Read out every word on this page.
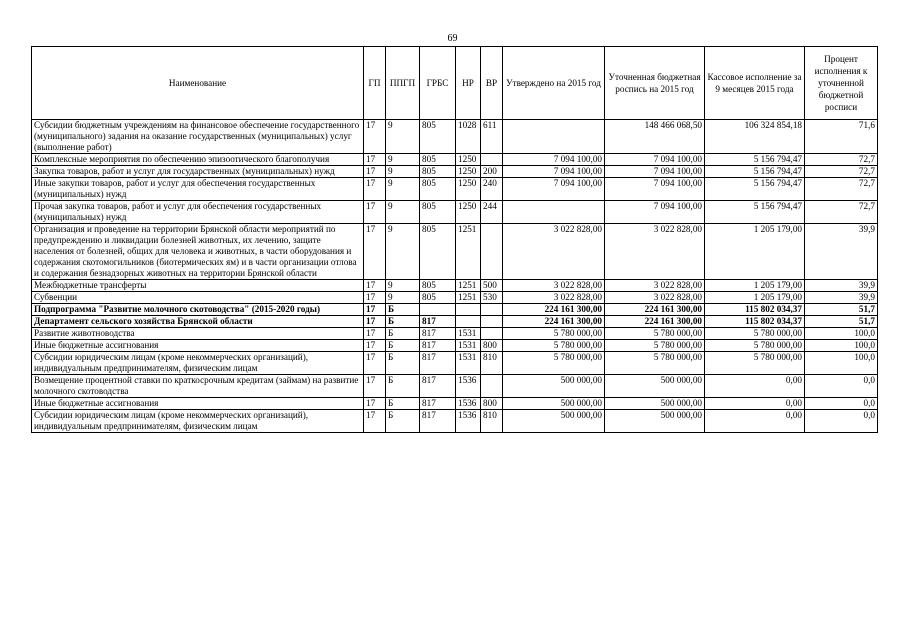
69
Наименование	ГП	ППГП	ГРБС	НР	ВР	Утверждено на 2015 год	Уточненная бюджетная роспись на 2015 год	Кассовое исполнение за 9 месяцев 2015 года	Процент исполнения к уточненной бюджетной росписи
Субсидии бюджетным учреждениям на финансовое обеспечение государственного (муниципального) задания на оказание государственных (муниципальных) услуг (выполнение работ)	17	9	805	1028	611		148 466 068,50	106 324 854,18	71,6
Комплексные мероприятия по обеспечению эпизоотического благополучия	17	9	805	1250		7 094 100,00	7 094 100,00	5 156 794,47	72,7
Закупка товаров, работ и услуг для государственных (муниципальных) нужд	17	9	805	1250	200	7 094 100,00	7 094 100,00	5 156 794,47	72,7
Иные закупки товаров, работ и услуг для обеспечения государственных (муниципальных) нужд	17	9	805	1250	240	7 094 100,00	7 094 100,00	5 156 794,47	72,7
Прочая закупка товаров, работ и услуг для обеспечения государственных (муниципальных) нужд	17	9	805	1250	244		7 094 100,00	5 156 794,47	72,7
Организация и проведение на территории Брянской области мероприятий по предупреждению и ликвидации болезней животных, их лечению, защите населения от болезней, общих для человека и животных, в части оборудования и содержания скотомогильников (биотермических ям) и в части организации отлова и содержания безнадзорных животных на территории Брянской области	17	9	805	1251		3 022 828,00	3 022 828,00	1 205 179,00	39,9
Межбюджетные трансферты	17	9	805	1251	500	3 022 828,00	3 022 828,00	1 205 179,00	39,9
Субвенции	17	9	805	1251	530	3 022 828,00	3 022 828,00	1 205 179,00	39,9
Подпрограмма "Развитие молочного скотоводства" (2015-2020 годы)	17	Б				224 161 300,00	224 161 300,00	115 802 034,37	51,7
Департамент сельского хозяйства Брянской области	17	Б	817			224 161 300,00	224 161 300,00	115 802 034,37	51,7
Развитие животноводства	17	Б	817	1531		5 780 000,00	5 780 000,00	5 780 000,00	100,0
Иные бюджетные ассигнования	17	Б	817	1531	800	5 780 000,00	5 780 000,00	5 780 000,00	100,0
Субсидии юридическим лицам (кроме некоммерческих организаций), индивидуальным предпринимателям, физическим лицам	17	Б	817	1531	810	5 780 000,00	5 780 000,00	5 780 000,00	100,0
Возмещение процентной ставки по краткосрочным кредитам (займам) на развитие молочного скотоводства	17	Б	817	1536		500 000,00	500 000,00	0,00	0,0
Иные бюджетные ассигнования	17	Б	817	1536	800	500 000,00	500 000,00	0,00	0,0
Субсидии юридическим лицам (кроме некоммерческих организаций), индивидуальным предпринимателям, физическим лицам	17	Б	817	1536	810	500 000,00	500 000,00	0,00	0,0
